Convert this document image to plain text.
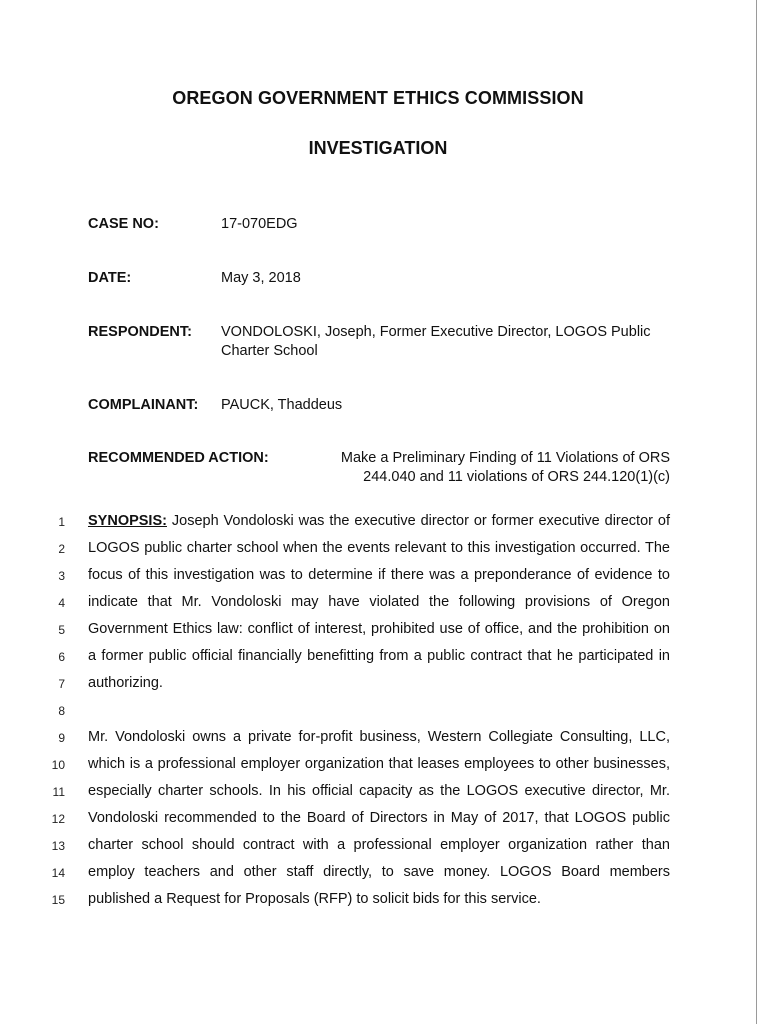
OREGON GOVERNMENT ETHICS COMMISSION
INVESTIGATION
CASE NO:	17-070EDG
DATE:	May 3, 2018
RESPONDENT: VONDOLOSKI, Joseph, Former Executive Director, LOGOS Public
Charter School
COMPLAINANT: PAUCK, Thaddeus
RECOMMENDED ACTION:	Make a Preliminary Finding of 11 Violations of ORS
244.040 and 11 violations of ORS 244.120(1)(c)
1 SYNOPSIS: Joseph Vondoloski was the executive director or former executive director of
2 LOGOS public charter school when the events relevant to this investigation occurred. The
3 focus of this investigation was to determine if there was a preponderance of evidence to
4 indicate that Mr. Vondoloski may have violated the following provisions of Oregon
5 Government Ethics law: conflict of interest, prohibited use of office, and the prohibition on
6 a former public official financially benefitting from a public contract that he participated in
7 authorizing.
8
9 Mr. Vondoloski owns a private for-profit business, Western Collegiate Consulting, LLC,
10 which is a professional employer organization that leases employees to other businesses,
11 especially charter schools. In his official capacity as the LOGOS executive director, Mr.
12 Vondoloski recommended to the Board of Directors in May of 2017, that LOGOS public
13 charter school should contract with a professional employer organization rather than
14 employ teachers and other staff directly, to save money. LOGOS Board members
15 published a Request for Proposals (RFP) to solicit bids for this service.
